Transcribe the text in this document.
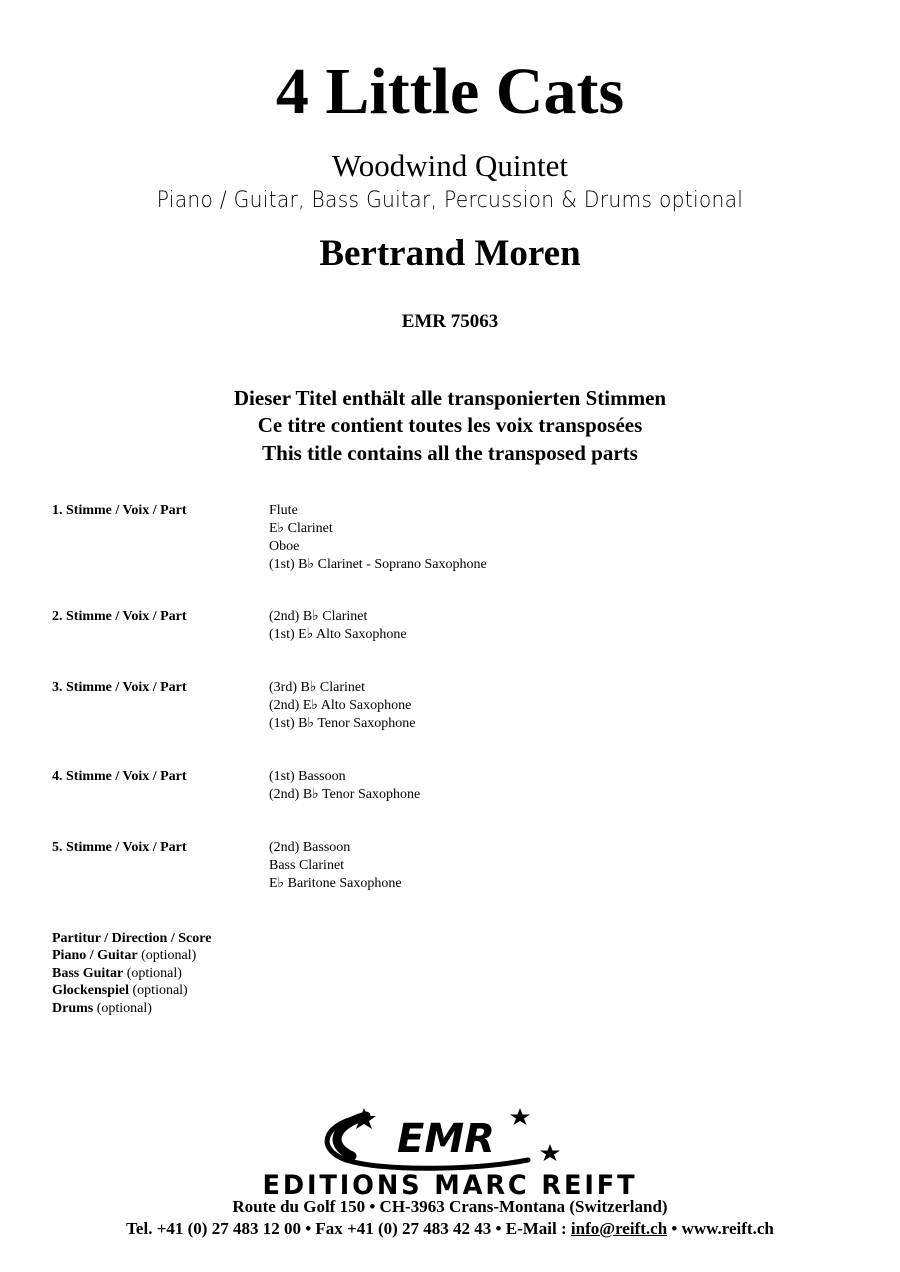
4 Little Cats
Woodwind Quintet
Piano / Guitar, Bass Guitar, Percussion & Drums optional
Bertrand Moren
EMR 75063
Dieser Titel enthält alle transponierten Stimmen
Ce titre contient toutes les voix transposées
This title contains all the transposed parts
1. Stimme / Voix / Part	Flute
E♭ Clarinet
Oboe
(1st) B♭ Clarinet - Soprano Saxophone
2. Stimme / Voix / Part	(2nd) B♭ Clarinet
(1st) E♭ Alto Saxophone
3. Stimme / Voix / Part	(3rd) B♭ Clarinet
(2nd) E♭ Alto Saxophone
(1st) B♭ Tenor Saxophone
4. Stimme / Voix / Part	(1st) Bassoon
(2nd) B♭ Tenor Saxophone
5. Stimme / Voix / Part	(2nd) Bassoon
Bass Clarinet
E♭ Baritone Saxophone
Partitur / Direction / Score
Piano / Guitar (optional)
Bass Guitar (optional)
Glockenspiel (optional)
Drums (optional)
EMR
EDITIONS MARC REIFT
Route du Golf 150 • CH-3963 Crans-Montana (Switzerland)
Tel. +41 (0) 27 483 12 00 • Fax +41 (0) 27 483 42 43 • E-Mail : info@reift.ch • www.reift.ch
